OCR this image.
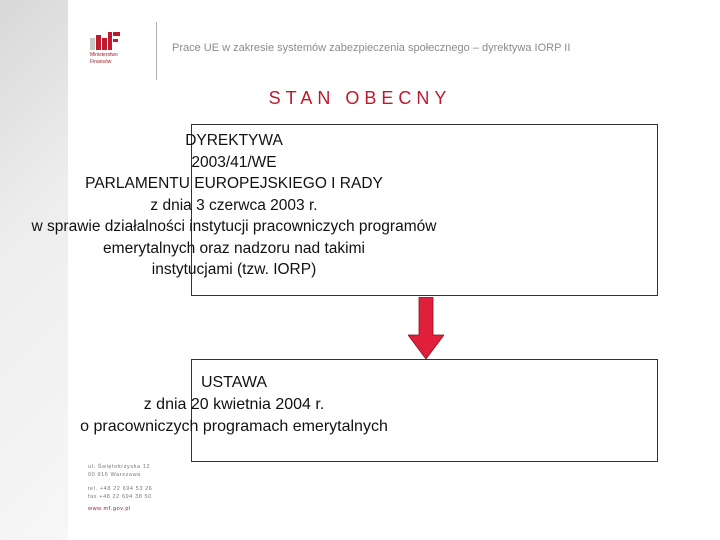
Ministerstwo
Finansów
Prace UE w zakresie systemów zabezpieczenia społecznego – dyrektywa IORP II
STAN OBECNY
DYREKTYWA
2003/41/WE
PARLAMENTU EUROPEJSKIEGO I RADY
z dnia 3 czerwca 2003 r.
w sprawie działalności instytucji pracowniczych programów
emerytalnych oraz nadzoru nad takimi
instytucjami (tzw. IORP)
USTAWA
z dnia 20 kwietnia 2004 r.
o pracowniczych programach emerytalnych
ul. Świętokrzyska 12
00 916 Warszawa
tel. +48 22 694 53 26
fax +48 22 694 38 50
www.mf.gov.pl
